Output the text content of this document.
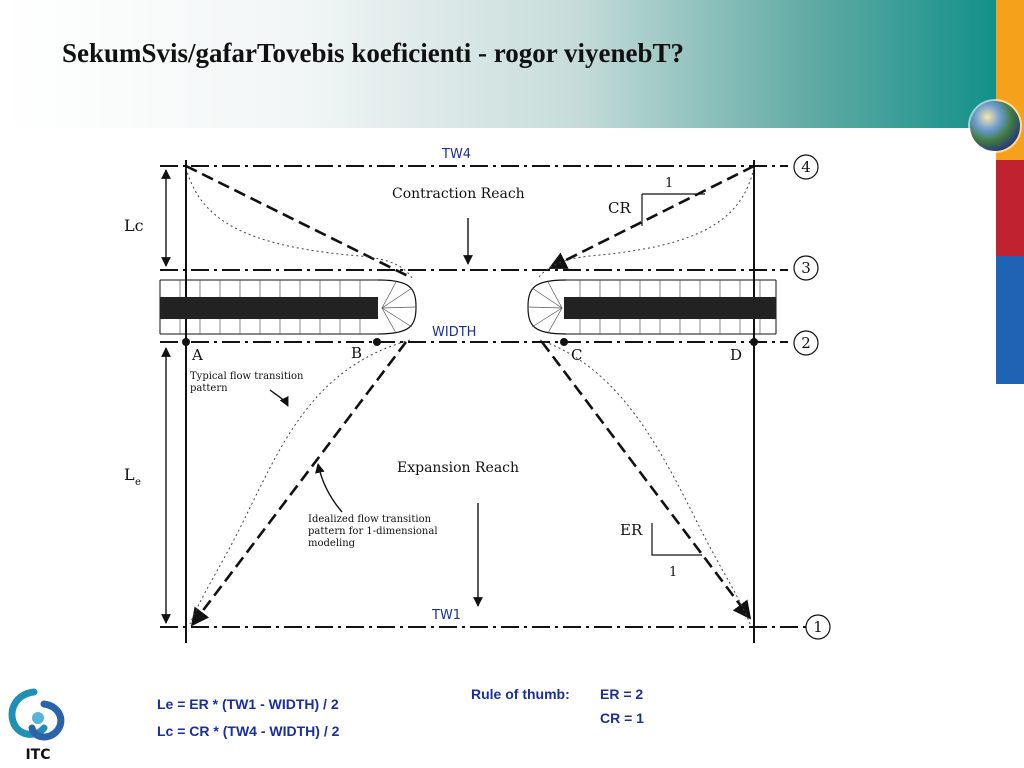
SekumSvis/gafarTovebis koeficienti - rogor viyenebT?
4
3
2
1
TW4
TW1
WIDTH
Contraction Reach
Expansion Reach
Lc
L e
CR
ER
1
1
A	B	C	D
Typical flow transition
pattern
Idealized flow transition
pattern for 1-dimensional
modeling
ITC
Le = ER * (TW1 - WIDTH) / 2
Lc = CR * (TW4 - WIDTH) / 2
Rule of thumb: ER = 2
CR = 1
